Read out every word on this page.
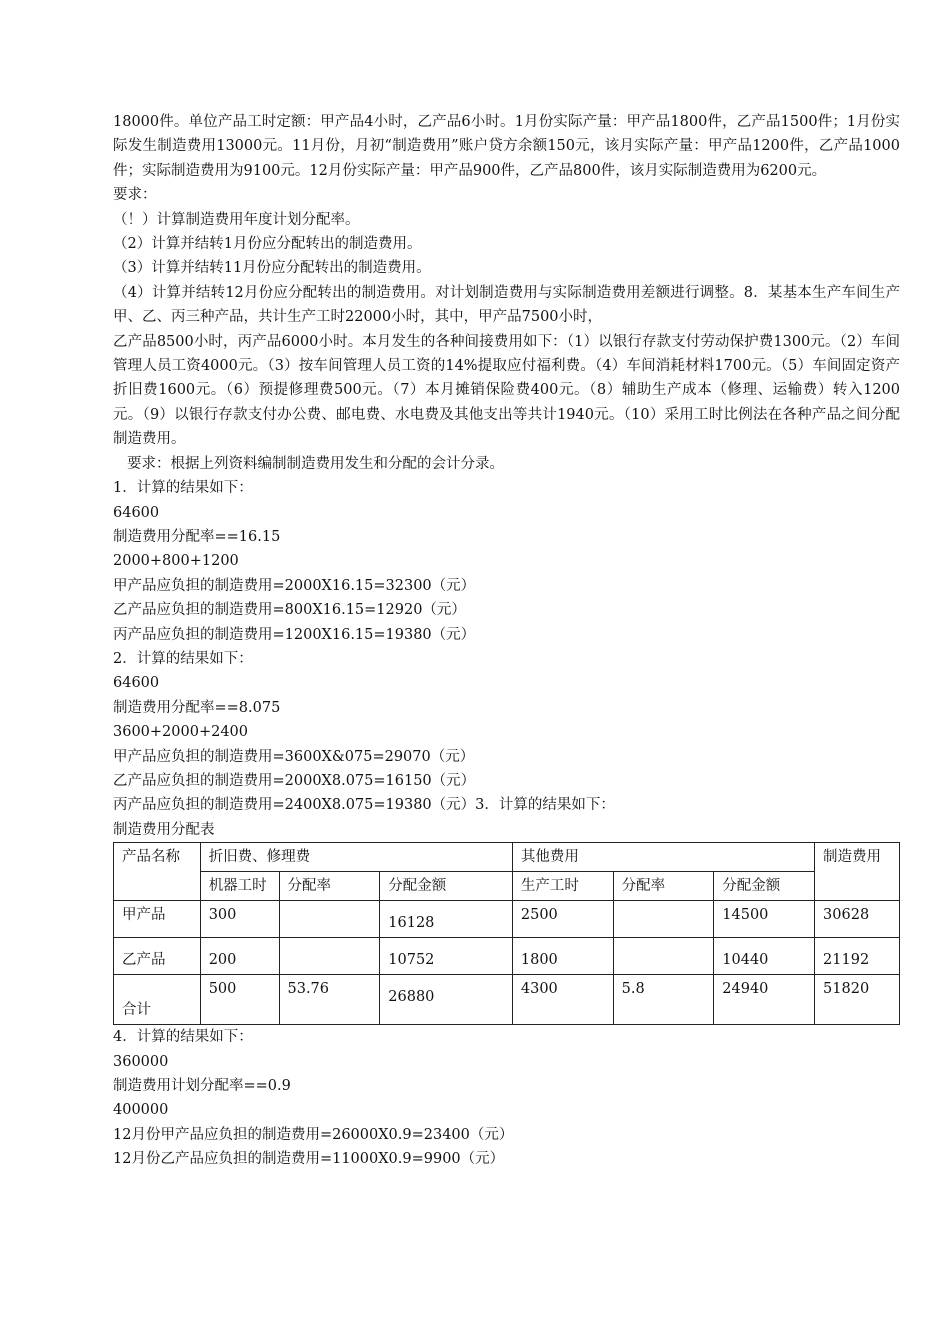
18000件。单位产品工时定额：甲产品4小时，乙产品6小时。1月份实际产量：甲产品1800件，乙产品1500件；1月份实际发生制造费用13000元。11月份，月初“制造费用”账户贷方余额150元，该月实际产量：甲产品1200件，乙产品1000件；实际制造费用为9100元。12月份实际产量：甲产品900件，乙产品800件，该月实际制造费用为6200元。

要求：

（！）计算制造费用年度计划分配率。

（2）计算并结转1月份应分配转出的制造费用。

（3）计算并结转11月份应分配转出的制造费用。

（4）计算并结转12月份应分配转出的制造费用。对计划制造费用与实际制造费用差额进行调整。8．某基本生产车间生产甲、乙、丙三种产品，共计生产工时22000小时，其中，甲产品7500小时，

乙产品8500小时，丙产品6000小时。本月发生的各种间接费用如下：（1）以银行存款支付劳动保护费1300元。（2）车间管理人员工资4000元。（3）按车间管理人员工资的14%提取应付福利费。（4）车间消耗材料1700元。（5）车间固定资产折旧费1600元。（6）预提修理费500元。（7）本月摊销保险费400元。（8）辅助生产成本（修理、运输费）转入1200元。（9）以银行存款支付办公费、邮电费、水电费及其他支出等共计1940元。（10）采用工时比例法在各种产品之间分配制造费用。

要求：根据上列资料编制制造费用发生和分配的会计分录。

1．计算的结果如下：

64600

制造费用分配率==16.15

2000+800+1200

甲产品应负担的制造费用=2000X16.15=32300（元）

乙产品应负担的制造费用=800X16.15=12920（元）

丙产品应负担的制造费用=1200X16.15=19380（元）

2．计算的结果如下：

64600

制造费用分配率==8.075

3600+2000+2400

甲产品应负担的制造费用=3600X&075=29070（元）

乙产品应负担的制造费用=2000X8.075=16150（元）

丙产品应负担的制造费用=2400X8.075=19380（元）3．计算的结果如下：

制造费用分配表

产品名称	折旧费、修理费			其他费用			制造费用
	机器工时	分配率	分配金额	生产工时	分配率	分配金额	
甲产品	300		16128	2500		14500	30628
乙产品	200		10752	1800		10440	21192
合计	500	53.76	26880	4300	5.8	24940	51820

4．计算的结果如下：

360000

制造费用计划分配率==0.9

400000

12月份甲产品应负担的制造费用=26000X0.9=23400（元）

12月份乙产品应负担的制造费用=11000X0.9=9900（元）
